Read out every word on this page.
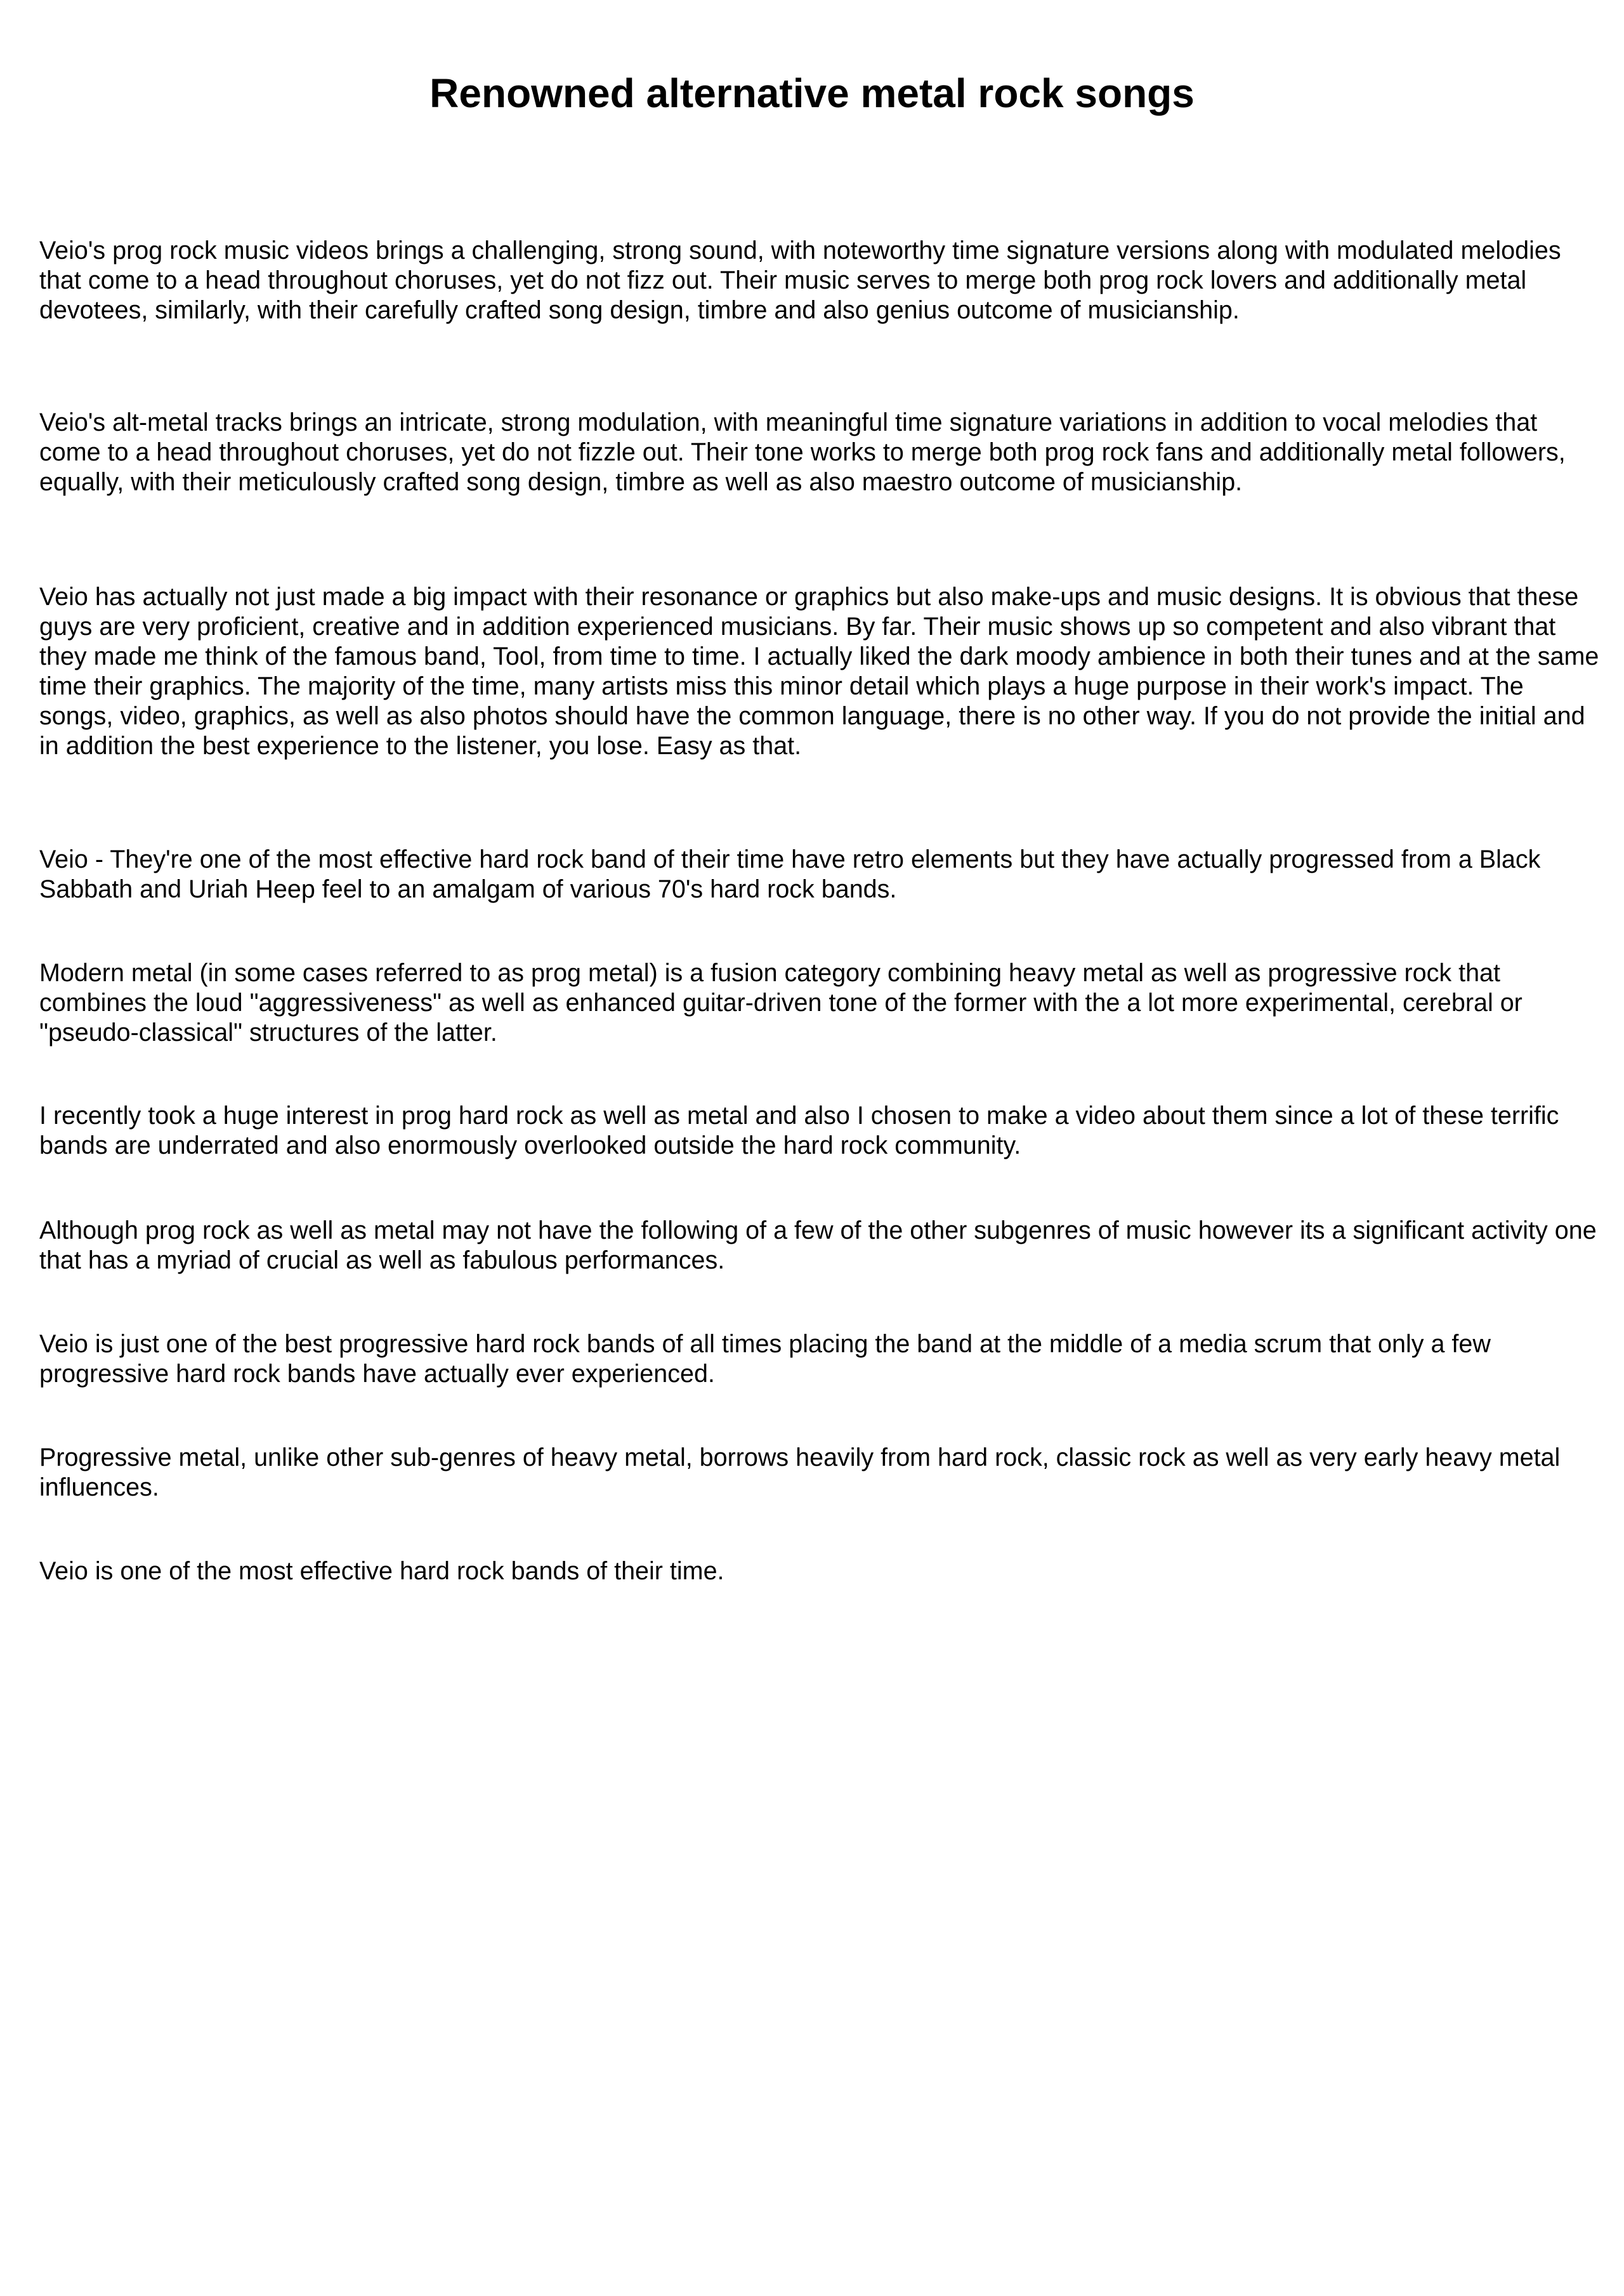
Renowned alternative metal rock songs

Veio's prog rock music videos brings a challenging, strong sound, with noteworthy time signature versions along with modulated melodies that come to a head throughout choruses, yet do not fizz out. Their music serves to merge both prog rock lovers and additionally metal devotees, similarly, with their carefully crafted song design, timbre and also genius outcome of musicianship.

Veio's alt-metal tracks brings an intricate, strong modulation, with meaningful time signature variations in addition to vocal melodies that come to a head throughout choruses, yet do not fizzle out. Their tone works to merge both prog rock fans and additionally metal followers, equally, with their meticulously crafted song design, timbre as well as also maestro outcome of musicianship.

Veio has actually not just made a big impact with their resonance or graphics but also make-ups and music designs. It is obvious that these guys are very proficient, creative and in addition experienced musicians. By far. Their music shows up so competent and also vibrant that they made me think of the famous band, Tool, from time to time. I actually liked the dark moody ambience in both their tunes and at the same time their graphics. The majority of the time, many artists miss this minor detail which plays a huge purpose in their work's impact. The songs, video, graphics, as well as also photos should have the common language, there is no other way. If you do not provide the initial and in addition the best experience to the listener, you lose. Easy as that.

Veio - They're one of the most effective hard rock band of their time have retro elements but they have actually progressed from a Black Sabbath and Uriah Heep feel to an amalgam of various 70's hard rock bands.

Modern metal (in some cases referred to as prog metal) is a fusion category combining heavy metal as well as progressive rock that combines the loud "aggressiveness" as well as enhanced guitar-driven tone of the former with the a lot more experimental, cerebral or "pseudo-classical" structures of the latter.

I recently took a huge interest in prog hard rock as well as metal and also I chosen to make a video about them since a lot of these terrific bands are underrated and also enormously overlooked outside the hard rock community.

Although prog rock as well as metal may not have the following of a few of the other subgenres of music however its a significant activity one that has a myriad of crucial as well as fabulous performances.

Veio is just one of the best progressive hard rock bands of all times placing the band at the middle of a media scrum that only a few progressive hard rock bands have actually ever experienced.

Progressive metal, unlike other sub-genres of heavy metal, borrows heavily from hard rock, classic rock as well as very early heavy metal influences.

Veio is one of the most effective hard rock bands of their time.
